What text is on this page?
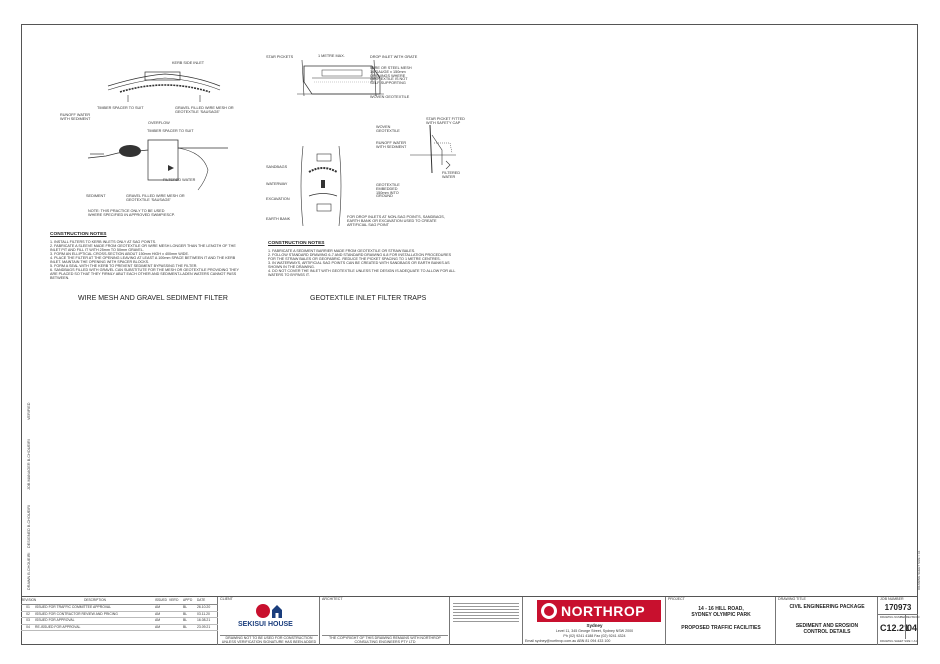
VERIFIED
JOB MANAGER B.CHOUEIRI
DESIGNED B.CHOUEIRI
DRAWN B.CHOUEIRI
KERB SIDE INLET
TIMBER SPACER TO SUIT	GRAVEL FILLED WIRE MESH OR GEOTEXTILE 'SAUSAGE'
RUNOFF WATER WITH SEDIMENT
OVERFLOW
TIMBER SPACER TO SUIT
FILTERED WATER
SEDIMENT	GRAVEL FILLED WIRE MESH OR GEOTEXTILE 'SAUSAGE'
NOTE: THIS PRACTICE ONLY TO BE USED WHERE SPECIFIED IN APPROVED SWMP/ESCP.
CONSTRUCTION NOTES
1. INSTALL FILTERS TO KERB INLETS ONLY AT SAG POINTS.
2. FABRICATE A SLEEVE MADE FROM GEOTEXTILE OR WIRE MESH LONGER THAN THE LENGTH OF THE INLET PIT AND FILL IT WITH 25mm TO 50mm GRAVEL.
3. FORM AN ELLIPTICAL CROSS-SECTION ABOUT 150mm HIGH x 400mm WIDE.
4. PLACE THE FILTER AT THE OPENING LEAVING AT LEAST A 100mm SPACE BETWEEN IT AND THE KERB INLET. MAINTAIN THE OPENING WITH SPACER BLOCKS.
5. FORM A SEAL WITH THE KERB TO PREVENT SEDIMENT BYPASSING THE FILTER.
6. SANDBAGS FILLED WITH GRAVEL CAN SUBSTITUTE FOR THE MESH OR GEOTEXTILE PROVIDING THEY ARE PLACED SO THAT THEY FIRMLY ABUT EACH OTHER AND SEDIMENT-LADEN WATERS CANNOT PASS BETWEEN.
WIRE MESH AND GRAVEL SEDIMENT FILTER
STAR PICKETS	1 METRE MAX.	DROP INLET WITH GRATE
WIRE OR STEEL MESH 14 GAUGE x 150mm OPENINGS WHERE GEOTEXTILE IS NOT SELF-SUPPORTING
WOVEN GEOTEXTILE
STAR PICKET FITTED WITH SAFETY CAP
WOVEN GEOTEXTILE
RUNOFF WATER WITH SEDIMENT
FILTERED WATER
GEOTEXTILE EMBEDDED 150mm INTO GROUND
SANDBAGS
WATERWAY
EXCAVATION
EARTH BANK	FOR DROP INLETS AT NON-SAG POINTS, SANDBAGS, EARTH BANK OR EXCAVATION USED TO CREATE ARTIFICIAL SAG POINT
CONSTRUCTION NOTES
1. FABRICATE A SEDIMENT BARRIER MADE FROM GEOTEXTILE OR STRAW BALES.
2. FOLLOW STANDARD DRAWING 6-7 AND STANDARD DRAWING 6-8 FOR INSTALLATION PROCEDURES FOR THE STRAW BALES OR GEOFABRIC. REDUCE THE PICKET SPACING TO 1 METRE CENTRES.
3. IN WATERWAYS, ARTIFICIAL SAG POINTS CAN BE CREATED WITH SANDBAGS OR EARTH BANKS AS SHOWN IN THE DRAWING.
4. DO NOT COVER THE INLET WITH GEOTEXTILE UNLESS THE DESIGN IS ADEQUATE TO ALLOW FOR ALL WATERS TO BYPASS IT.
GEOTEXTILE INLET FILTER TRAPS
DRAWING SHEET SIZE = A1
REVISION	DESCRIPTION	ISSUED VER'D	APP'D	DATE
01	ISSUED FOR TRAFFIC COMMITTEE APPROVAL	AM	BL	26.10.20
02	ISSUED FOR CONTRACTOR REVIEW AND PRICING	AM	BL	03.11.20
03	ISSUED FOR APPROVAL	AM	BL	16.08.21
04	RE-ISSUED FOR APPROVAL	AM	BL	23.09.21
CLIENT
SEKISUI HOUSE
DRAWING NOT TO BE USED FOR CONSTRUCTION UNLESS VERIFICATION SIGNATURE HAS BEEN ADDED
ARCHITECT
THE COPYRIGHT OF THIS DRAWING REMAINS WITH NORTHROP CONSULTING ENGINEERS PTY LTD
NORTHROP
Sydney
Level 11, 345 George Street, Sydney NSW 2000
Ph (02) 9241 4188 Fax (02) 9241 4324
Email sydney@northrop.com.au ABN 81 094 433 100
PROJECT
14 - 16 HILL ROAD,
SYDNEY OLYMPIC PARK
PROPOSED TRAFFIC FACILITIES
DRAWING TITLE
CIVIL ENGINEERING PACKAGE
SEDIMENT AND EROSION
CONTROL DETAILS
JOB NUMBER
170973
DRAWING NUMBER REVISION
C12.21
04
DRAWING SHEET SIZE = A1
